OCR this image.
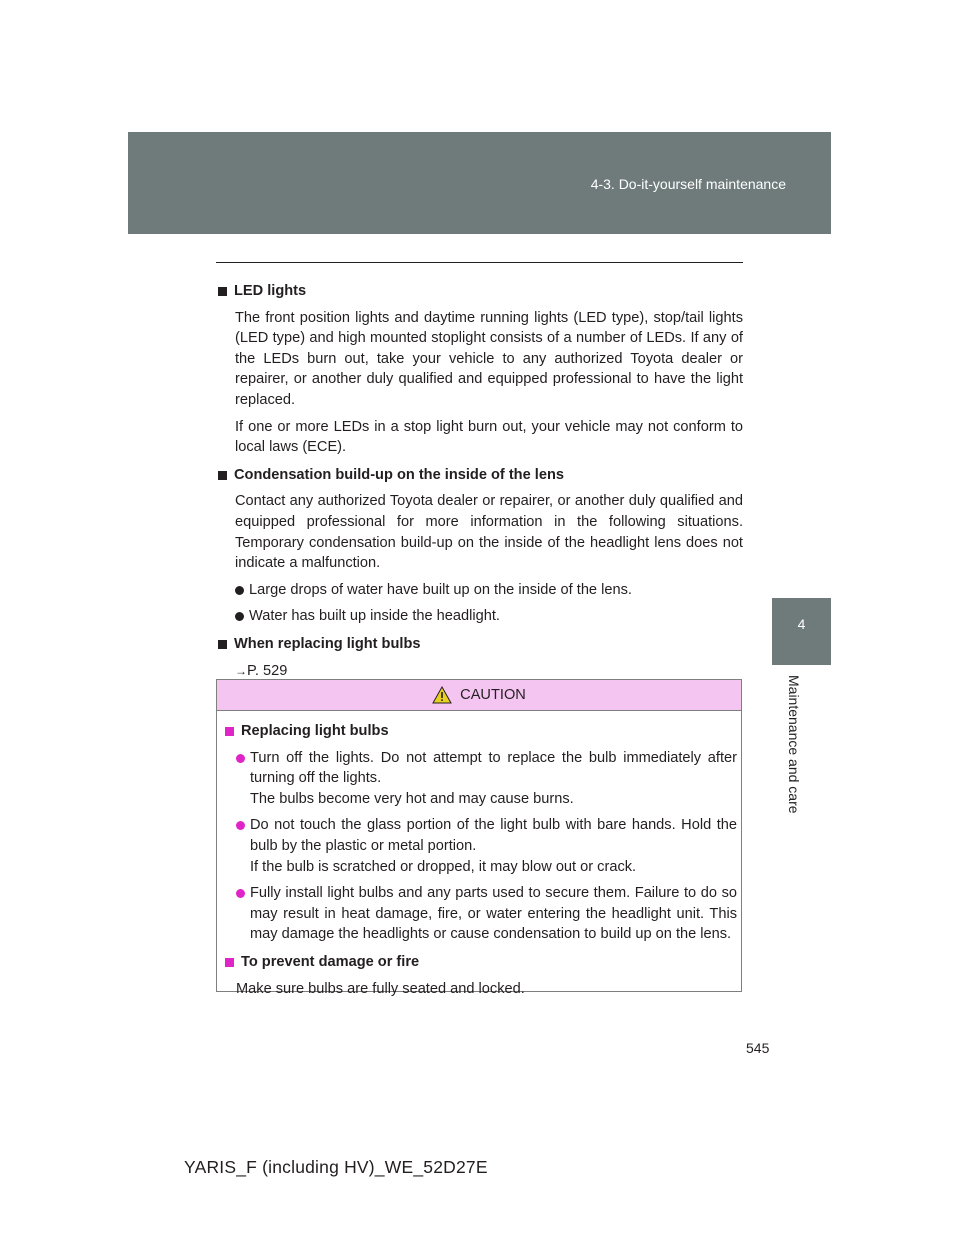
4-3. Do-it-yourself maintenance
4
Maintenance and care
LED lights
The front position lights and daytime running lights (LED type), stop/tail lights (LED type) and high mounted stoplight consists of a number of LEDs. If any of the LEDs burn out, take your vehicle to any authorized Toyota dealer or repairer, or another duly qualified and equipped professional to have the light replaced.
If one or more LEDs in a stop light burn out, your vehicle may not conform to local laws (ECE).
Condensation build-up on the inside of the lens
Contact any authorized Toyota dealer or repairer, or another duly qualified and equipped professional for more information in the following situations. Temporary condensation build-up on the inside of the headlight lens does not indicate a malfunction.
Large drops of water have built up on the inside of the lens.
Water has built up inside the headlight.
When replacing light bulbs
→P. 529
CAUTION
Replacing light bulbs
Turn off the lights. Do not attempt to replace the bulb immediately after turning off the lights.
The bulbs become very hot and may cause burns.
Do not touch the glass portion of the light bulb with bare hands. Hold the bulb by the plastic or metal portion.
If the bulb is scratched or dropped, it may blow out or crack.
Fully install light bulbs and any parts used to secure them. Failure to do so may result in heat damage, fire, or water entering the headlight unit. This may damage the headlights or cause condensation to build up on the lens.
To prevent damage or fire
Make sure bulbs are fully seated and locked.
545
YARIS_F (including HV)_WE_52D27E
